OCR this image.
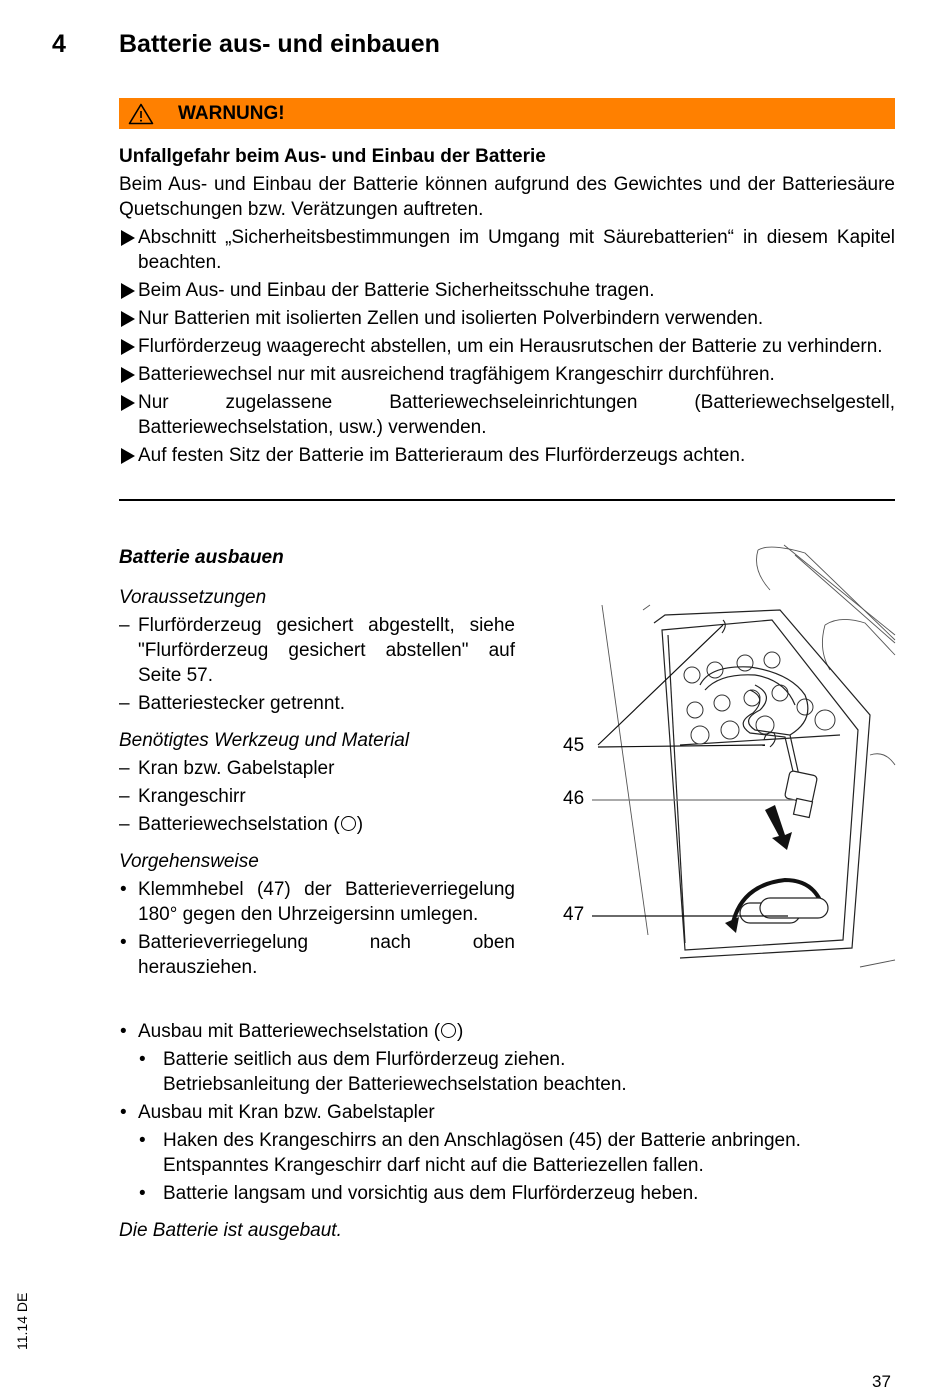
4 Batterie aus- und einbauen
WARNUNG!
Unfallgefahr beim Aus- und Einbau der Batterie
Beim Aus- und Einbau der Batterie können aufgrund des Gewichtes und der Batteriesäure Quetschungen bzw. Verätzungen auftreten.
Abschnitt „Sicherheitsbestimmungen im Umgang mit Säurebatterien“ in diesem Kapitel beachten.
Beim Aus- und Einbau der Batterie Sicherheitsschuhe tragen.
Nur Batterien mit isolierten Zellen und isolierten Polverbindern verwenden.
Flurförderzeug waagerecht abstellen, um ein Herausrutschen der Batterie zu verhindern.
Batteriewechsel nur mit ausreichend tragfähigem Krangeschirr durchführen.
Nur zugelassene Batteriewechseleinrichtungen (Batteriewechselgestell, Batteriewechselstation, usw.) verwenden.
Auf festen Sitz der Batterie im Batterieraum des Flurförderzeugs achten.
Batterie ausbauen
Voraussetzungen
– Flurförderzeug gesichert abgestellt, siehe "Flurförderzeug gesichert abstellen" auf Seite 57.
– Batteriestecker getrennt.
Benötigtes Werkzeug und Material
– Kran bzw. Gabelstapler
– Krangeschirr
– Batteriewechselstation ( )
Vorgehensweise
• Klemmhebel (47) der Batterieverriegelung 180° gegen den Uhrzeigersinn umlegen.
• Batterieverriegelung nach oben herausziehen.
• Ausbau mit Batteriewechselstation ( )
• Batterie seitlich aus dem Flurförderzeug ziehen.
Betriebsanleitung der Batteriewechselstation beachten.
• Ausbau mit Kran bzw. Gabelstapler
• Haken des Krangeschirrs an den Anschlagösen (45) der Batterie anbringen.
Entspanntes Krangeschirr darf nicht auf die Batteriezellen fallen.
• Batterie langsam und vorsichtig aus dem Flurförderzeug heben.
Die Batterie ist ausgebaut.
45
46
47
11.14 DE
37
